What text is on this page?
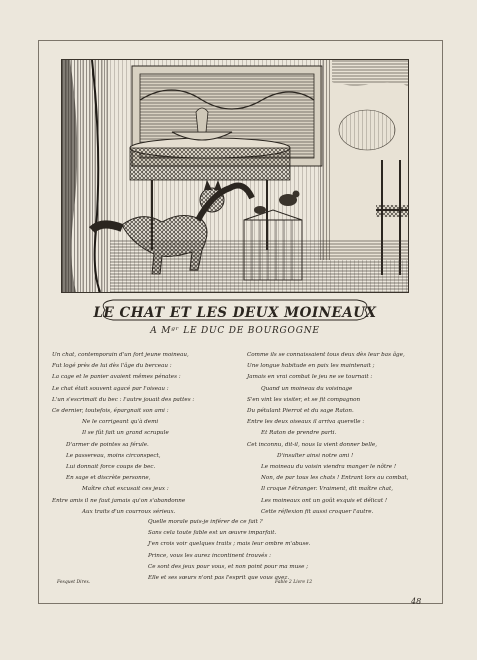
LE CHAT ET LES DEUX MOINEAUX
A Mᵍʳ LE DUC DE BOURGOGNE
Un chat, contemporain d'un fort jeune moineau,
Fut logé près de lui dès l'âge du berceau :
La cage et le panier avaient mêmes pénates :
Le chat était souvent agacé par l'oiseau :
L'un s'escrimait du bec : l'autre jouait des pattes :
Ce dernier, toutefois, épargnait son ami :
Ne le corrigeant qu'à demi
Il se fût fait un grand scrupule
D'armer de pointes sa férule.
Le passereau, moins circonspect,
Lui donnait force coups de bec.
En sage et discrète personne,
Maître chat excusait ces jeux :
Entre amis il ne faut jamais qu'on s'abandonne
Aux traits d'un courroux sérieux.
Comme ils se connaissaient tous deux dès leur bas âge,
Une longue habitude en paix les maintenait ;
Jamais en vrai combat le jeu ne se tournait :
Quand un moineau du voisinage
S'en vint les visiter, et se fit compagnon
Du pétulant Pierrot et du sage Raton.
Entre les deux oiseaux il arriva querelle :
Et Raton de prendre parti.
Cet inconnu, dit-il, nous la vient donner belle,
D'insulter ainsi notre ami !
Le moineau du voisin viendra manger le nôtre !
Non, de par tous les chats ! Entrant lors au combat,
Il croque l'étranger. Vraiment, dit maître chat,
Les moineaux ont un goût exquis et délicat !
Cette réflexion fit aussi croquer l'autre.
Quelle morale puis-je inférer de ce fait ?
Sans cela toute fable est un œuvre imparfait.
J'en crois voir quelques traits ; mais leur ombre m'abuse.
Prince, vous les aurez incontinent trouvés :
Ce sont des jeux pour vous, et non point pour ma muse ;
Elle et ses sœurs n'ont pas l'esprit que vous avez.
Fesquet Direx.	Fable 2 Livre 12
48
